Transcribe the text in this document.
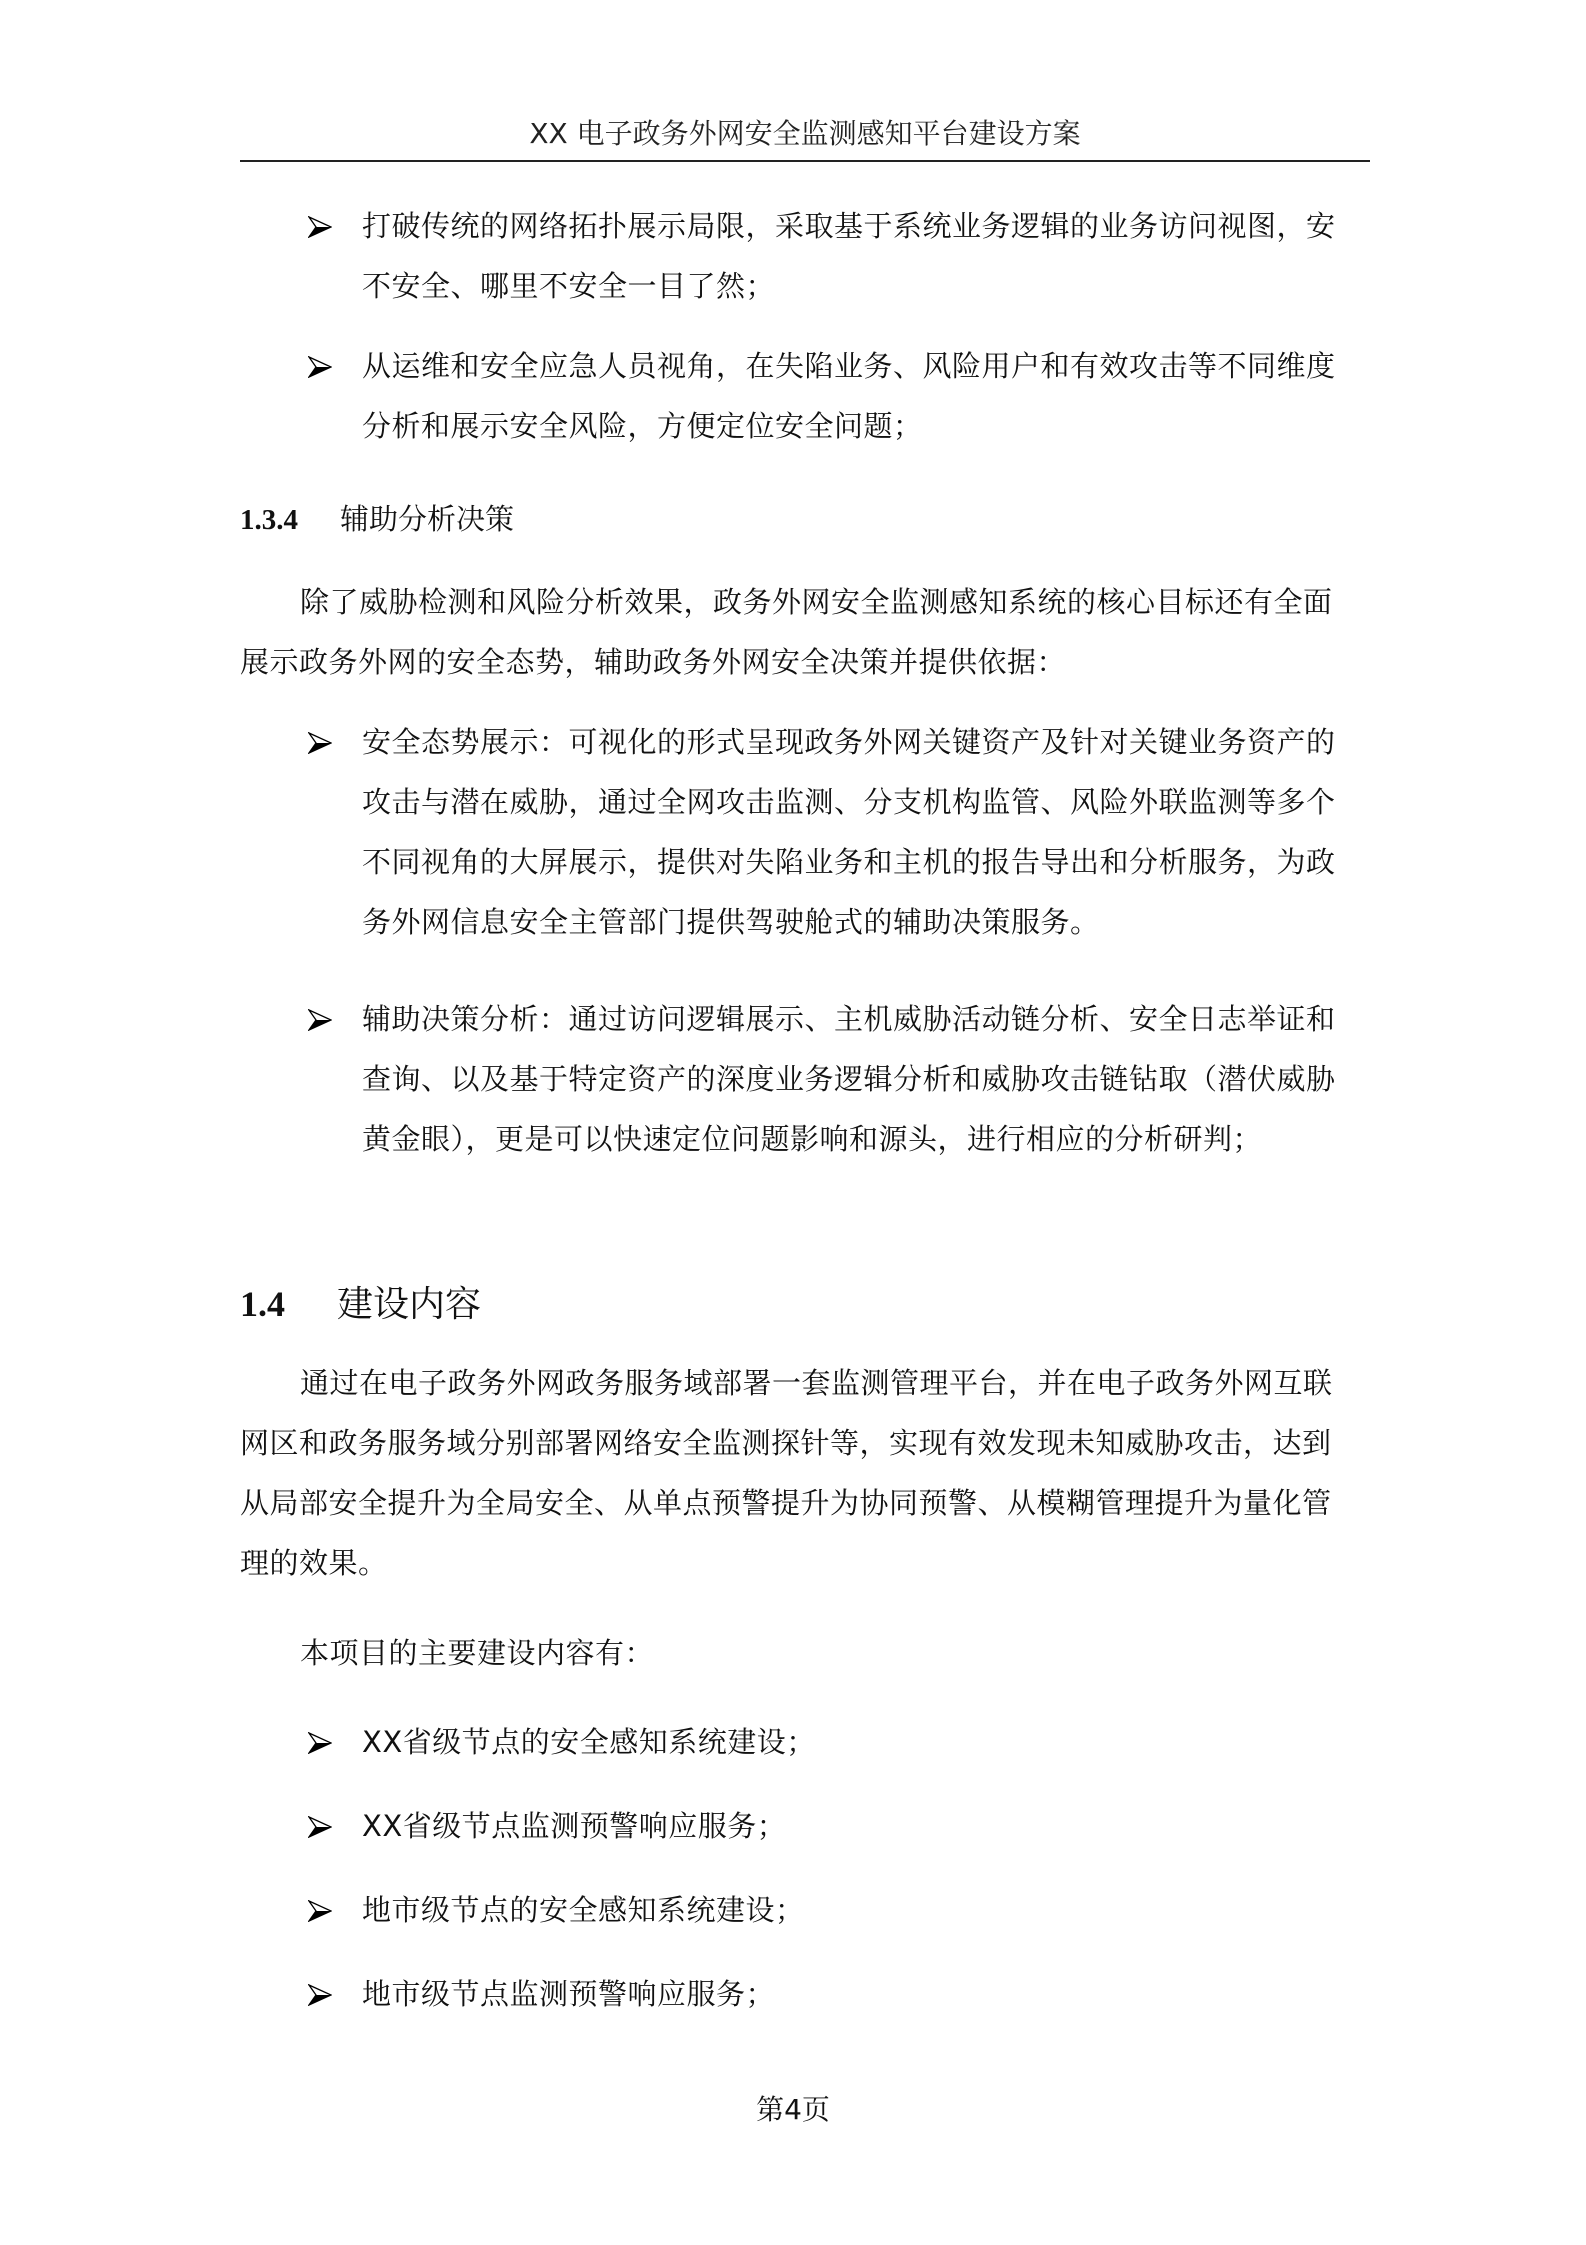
XX 电子政务外网安全监测感知平台建设方案
打破传统的网络拓扑展示局限，采取基于系统业务逻辑的业务访问视图，安不安全、哪里不安全一目了然；
从运维和安全应急人员视角，在失陷业务、风险用户和有效攻击等不同维度分析和展示安全风险，方便定位安全问题；
1.3.4 辅助分析决策
除了威胁检测和风险分析效果，政务外网安全监测感知系统的核心目标还有全面展示政务外网的安全态势，辅助政务外网安全决策并提供依据：
安全态势展示：可视化的形式呈现政务外网关键资产及针对关键业务资产的攻击与潜在威胁，通过全网攻击监测、分支机构监管、风险外联监测等多个不同视角的大屏展示，提供对失陷业务和主机的报告导出和分析服务，为政务外网信息安全主管部门提供驾驶舱式的辅助决策服务。
辅助决策分析：通过访问逻辑展示、主机威胁活动链分析、安全日志举证和查询、以及基于特定资产的深度业务逻辑分析和威胁攻击链钻取（潜伏威胁黄金眼），更是可以快速定位问题影响和源头，进行相应的分析研判；
1.4 建设内容
通过在电子政务外网政务服务域部署一套监测管理平台，并在电子政务外网互联网区和政务服务域分别部署网络安全监测探针等，实现有效发现未知威胁攻击，达到从局部安全提升为全局安全、从单点预警提升为协同预警、从模糊管理提升为量化管理的效果。
本项目的主要建设内容有：
XX省级节点的安全感知系统建设；
XX省级节点监测预警响应服务；
地市级节点的安全感知系统建设；
地市级节点监测预警响应服务；
第4页
